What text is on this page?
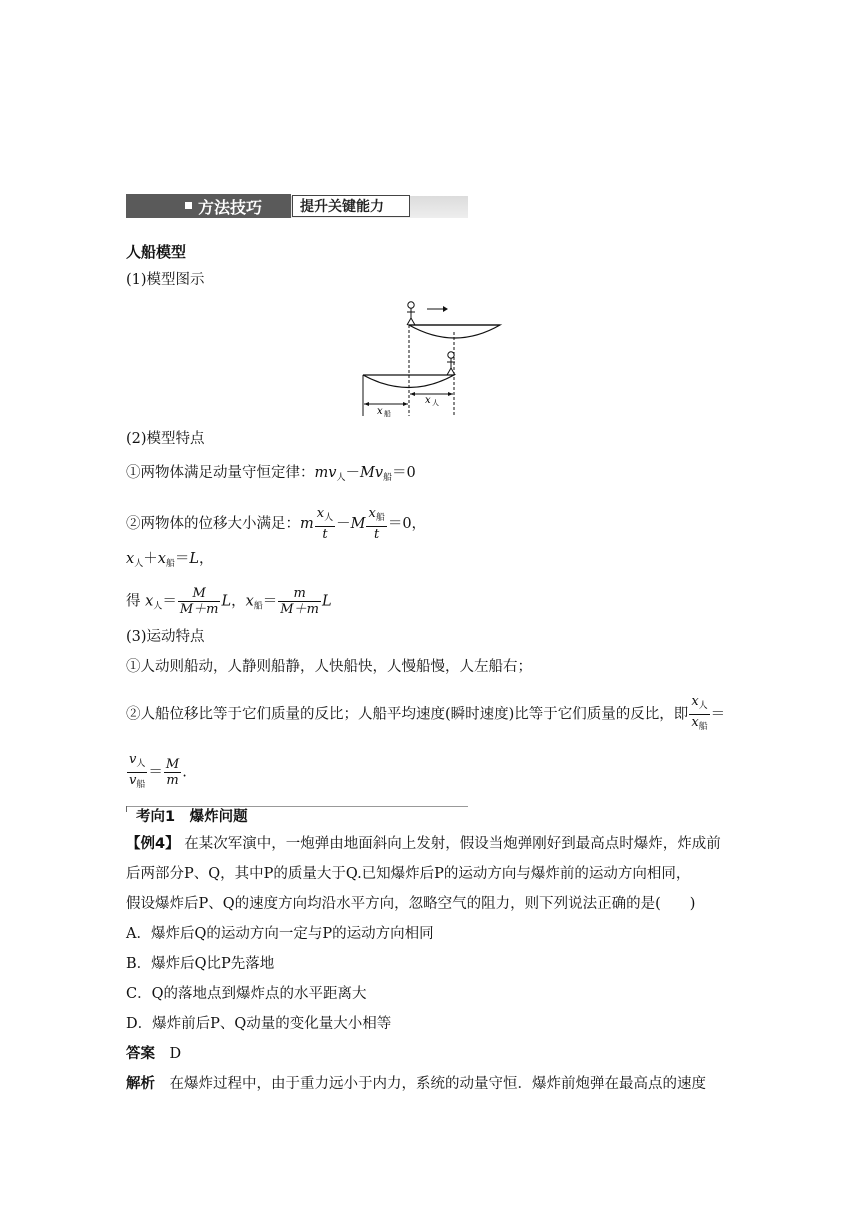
方法技巧	提升关键能力
人船模型
(1)模型图示
x 船
x 人
(2)模型特点
①两物体满足动量守恒定律：$mv_人-Mv_船=0$
②两物体的位移大小满足：m $\frac{x_人}{t} -M \frac{x_船}{t} =0$，
$x_人+x_船=L$，
得 $x_人= \frac{M}{M+m}$ L，$x_船= \frac{m}{M+m}$ L
(3)运动特点
①人动则船动，人静则船静，人快船快，人慢船慢，人左船右；
②人船位移比等于它们质量的反比；人船平均速度(瞬时速度)比等于它们质量的反比，即 $\frac{x_人}{x_船}$ ＝
$\frac{v_人}{v_船} = \frac{M}{m}$ .
考向1　爆炸问题
【例4】 在某次军演中，一炮弹由地面斜向上发射，假设当炮弹刚好到最高点时爆炸，炸成前
后两部分P、Q，其中P的质量大于Q.已知爆炸后P的运动方向与爆炸前的运动方向相同，
假设爆炸后P、Q的速度方向均沿水平方向，忽略空气的阻力，则下列说法正确的是(　　)
A．爆炸后Q的运动方向一定与P的运动方向相同
B．爆炸后Q比P先落地
C．Q的落地点到爆炸点的水平距离大
D．爆炸前后P、Q动量的变化量大小相等
答案　 D
解析　 在爆炸过程中，由于重力远小于内力，系统的动量守恒．爆炸前炮弹在最高点的速度
